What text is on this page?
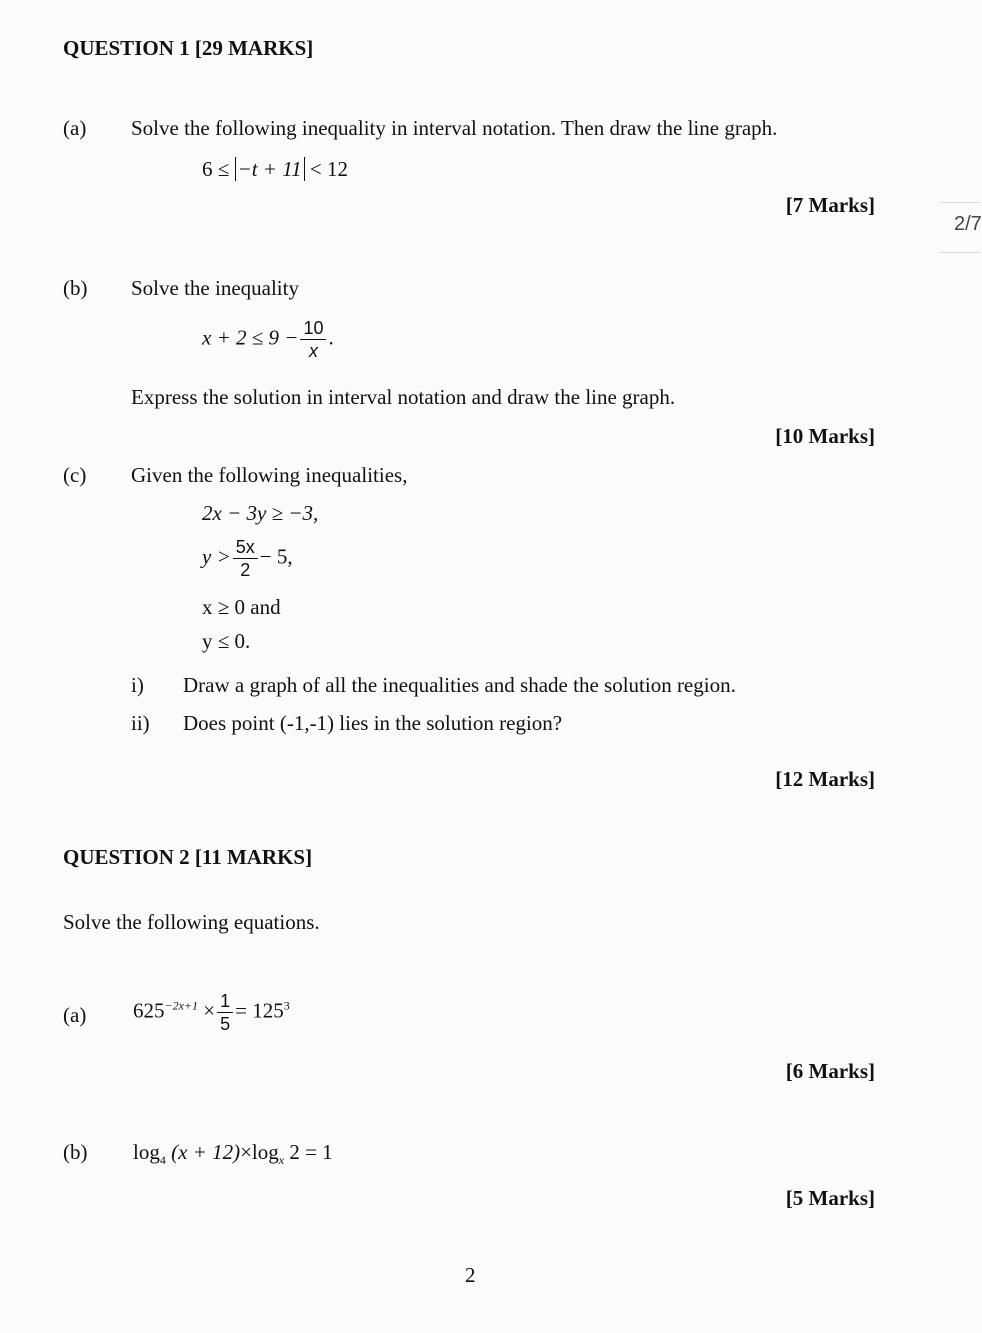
QUESTION 1 [29 MARKS]
(a) Solve the following inequality in interval notation. Then draw the line graph.
6 ≤ −t + 11 < 12
[7 Marks]
2/7
(b) Solve the inequality
$x + 2 \le 9 - \frac{10}{x}$ .
Express the solution in interval notation and draw the line graph.
[10 Marks]
(c) Given the following inequalities,
2x − 3y ≥ −3,
$y > \frac{5x}{2} - 5$,
x ≥ 0 and
y ≤ 0.
i) Draw a graph of all the inequalities and shade the solution region.
ii) Does point (-1,-1) lies in the solution region?
[12 Marks]
QUESTION 2 [11 MARKS]
Solve the following equations.
(a) $625^{-2x+1} \times \frac{1}{5} = 125^3$
[6 Marks]
(b) $\log_4 (x + 12)\times\log_x$ 2 = 1
[5 Marks]
2
